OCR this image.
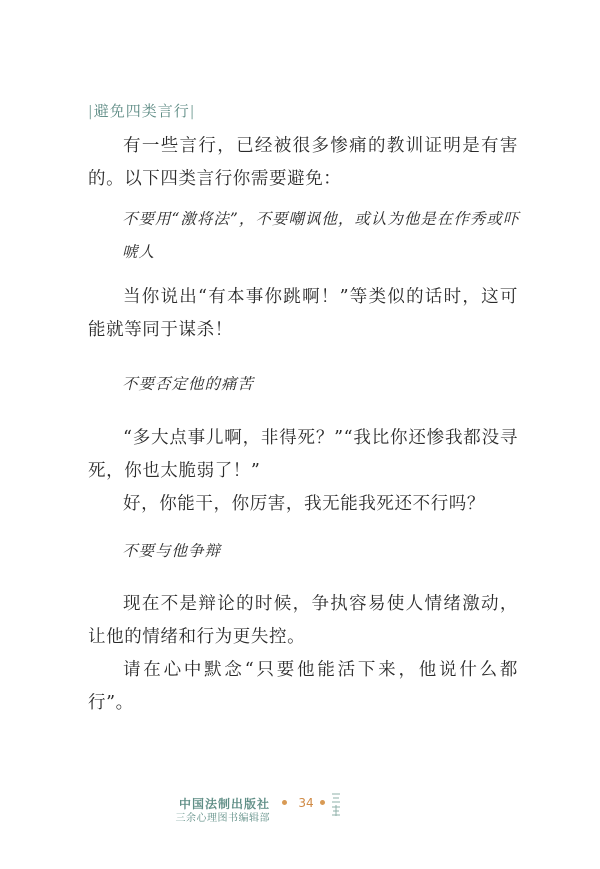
|避免四类言行|

有一些言行，已经被很多惨痛的教训证明是有害的。以下四类言行你需要避免：

不要用“激将法”，不要嘲讽他，或认为他是在作秀或吓唬人

当你说出“有本事你跳啊！”等类似的话时，这可能就等同于谋杀！

不要否定他的痛苦

“多大点事儿啊，非得死？”“我比你还惨我都没寻死，你也太脆弱了！”

好，你能干，你厉害，我无能我死还不行吗？

不要与他争辩

现在不是辩论的时候，争执容易使人情绪激动，让他的情绪和行为更失控。

请在心中默念“只要他能活下来，他说什么都行”。

中国法制出版社
三余心理图书编辑部
34
